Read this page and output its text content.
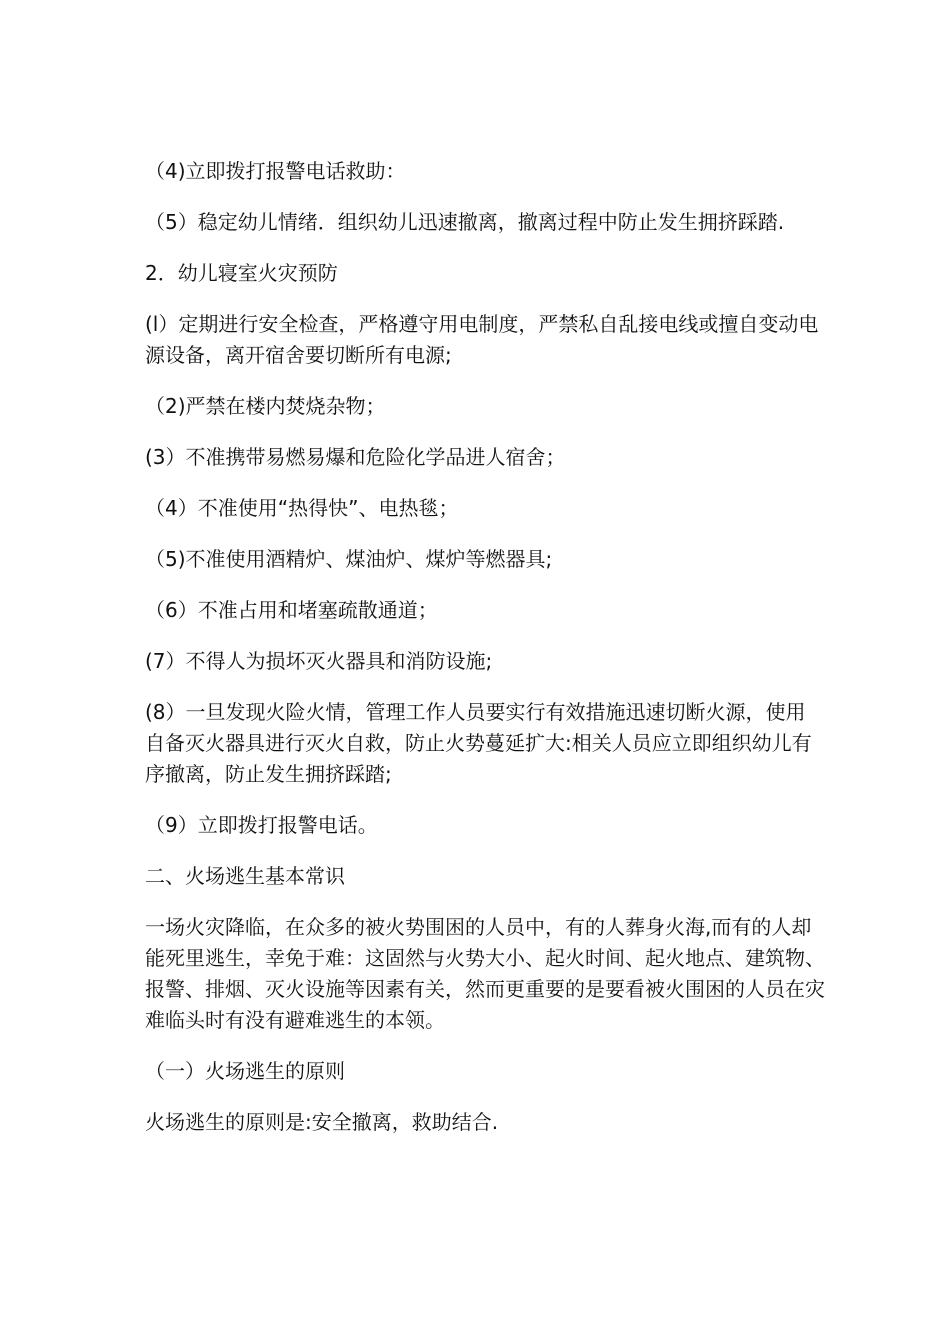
（4)立即拨打报警电话救助：

（5）稳定幼儿情绪．组织幼儿迅速撤离，撤离过程中防止发生拥挤踩踏.

2．幼儿寝室火灾预防

(l）定期进行安全检查，严格遵守用电制度，严禁私自乱接电线或擅自变动电源设备，离开宿舍要切断所有电源;

（2)严禁在楼内焚烧杂物；

(3）不准携带易燃易爆和危险化学品进人宿舍；

（4）不准使用“热得快”、电热毯；

（5)不准使用酒精炉、煤油炉、煤炉等燃器具;

（6）不准占用和堵塞疏散通道；

(7）不得人为损坏灭火器具和消防设施;

(8）一旦发现火险火情，管理工作人员要实行有效措施迅速切断火源，使用自备灭火器具进行灭火自救，防止火势蔓延扩大:相关人员应立即组织幼儿有序撤离，防止发生拥挤踩踏;

（9）立即拨打报警电话。

二、火场逃生基本常识

一场火灾降临，在众多的被火势围困的人员中，有的人葬身火海,而有的人却能死里逃生，幸免于难：这固然与火势大小、起火时间、起火地点、建筑物、报警、排烟、灭火设施等因素有关，然而更重要的是要看被火围困的人员在灾难临头时有没有避难逃生的本领。

（一）火场逃生的原则

火场逃生的原则是:安全撤离，救助结合.
